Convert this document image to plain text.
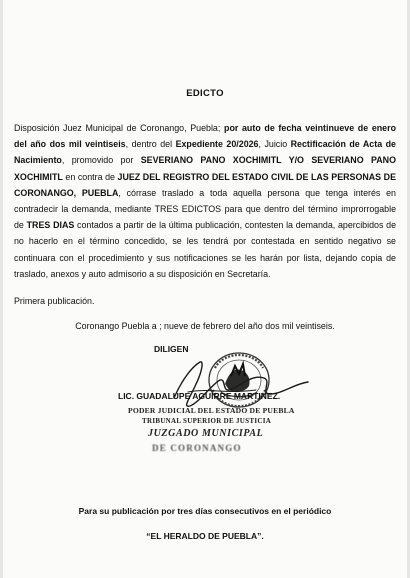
EDICTO
Disposición Juez Municipal de Coronango, Puebla; por auto de fecha veintinueve de enero del año dos mil veintiseis, dentro del Expediente 20/2026, Juicio Rectificación de Acta de Nacimiento, promovido por SEVERIANO PANO XOCHIMITL Y/O SEVERIANO PANO XOCHIMITL en contra de JUEZ DEL REGISTRO DEL ESTADO CIVIL DE LAS PERSONAS DE CORONANGO, PUEBLA, córrase traslado a toda aquella persona que tenga interés en contradecir la demanda, mediante TRES EDICTOS para que dentro del término improrrogable de TRES DIAS contados a partir de la última publicación, contesten la demanda, apercibidos de no hacerlo en el término concedido, se les tendrá por contestada en sentido negativo se continuara con el procedimiento y sus notificaciones se les harán por lista, dejando copia de traslado, anexos y auto admisorio a su disposición en Secretaría.
Primera publicación.
Coronango Puebla a ; nueve de febrero del año dos mil veintiseis.
DILIGEN
LIC. GUADALUPE AGUIRRE MARTINEZ.
PODER JUDICIAL DEL ESTADO DE PUEBLA
TRIBUNAL SUPERIOR DE JUSTICIA
JUZGADO MUNICIPAL
DE CORONANGO
Para su publicación por tres días consecutivos en el periódico
“EL HERALDO DE PUEBLA”.
